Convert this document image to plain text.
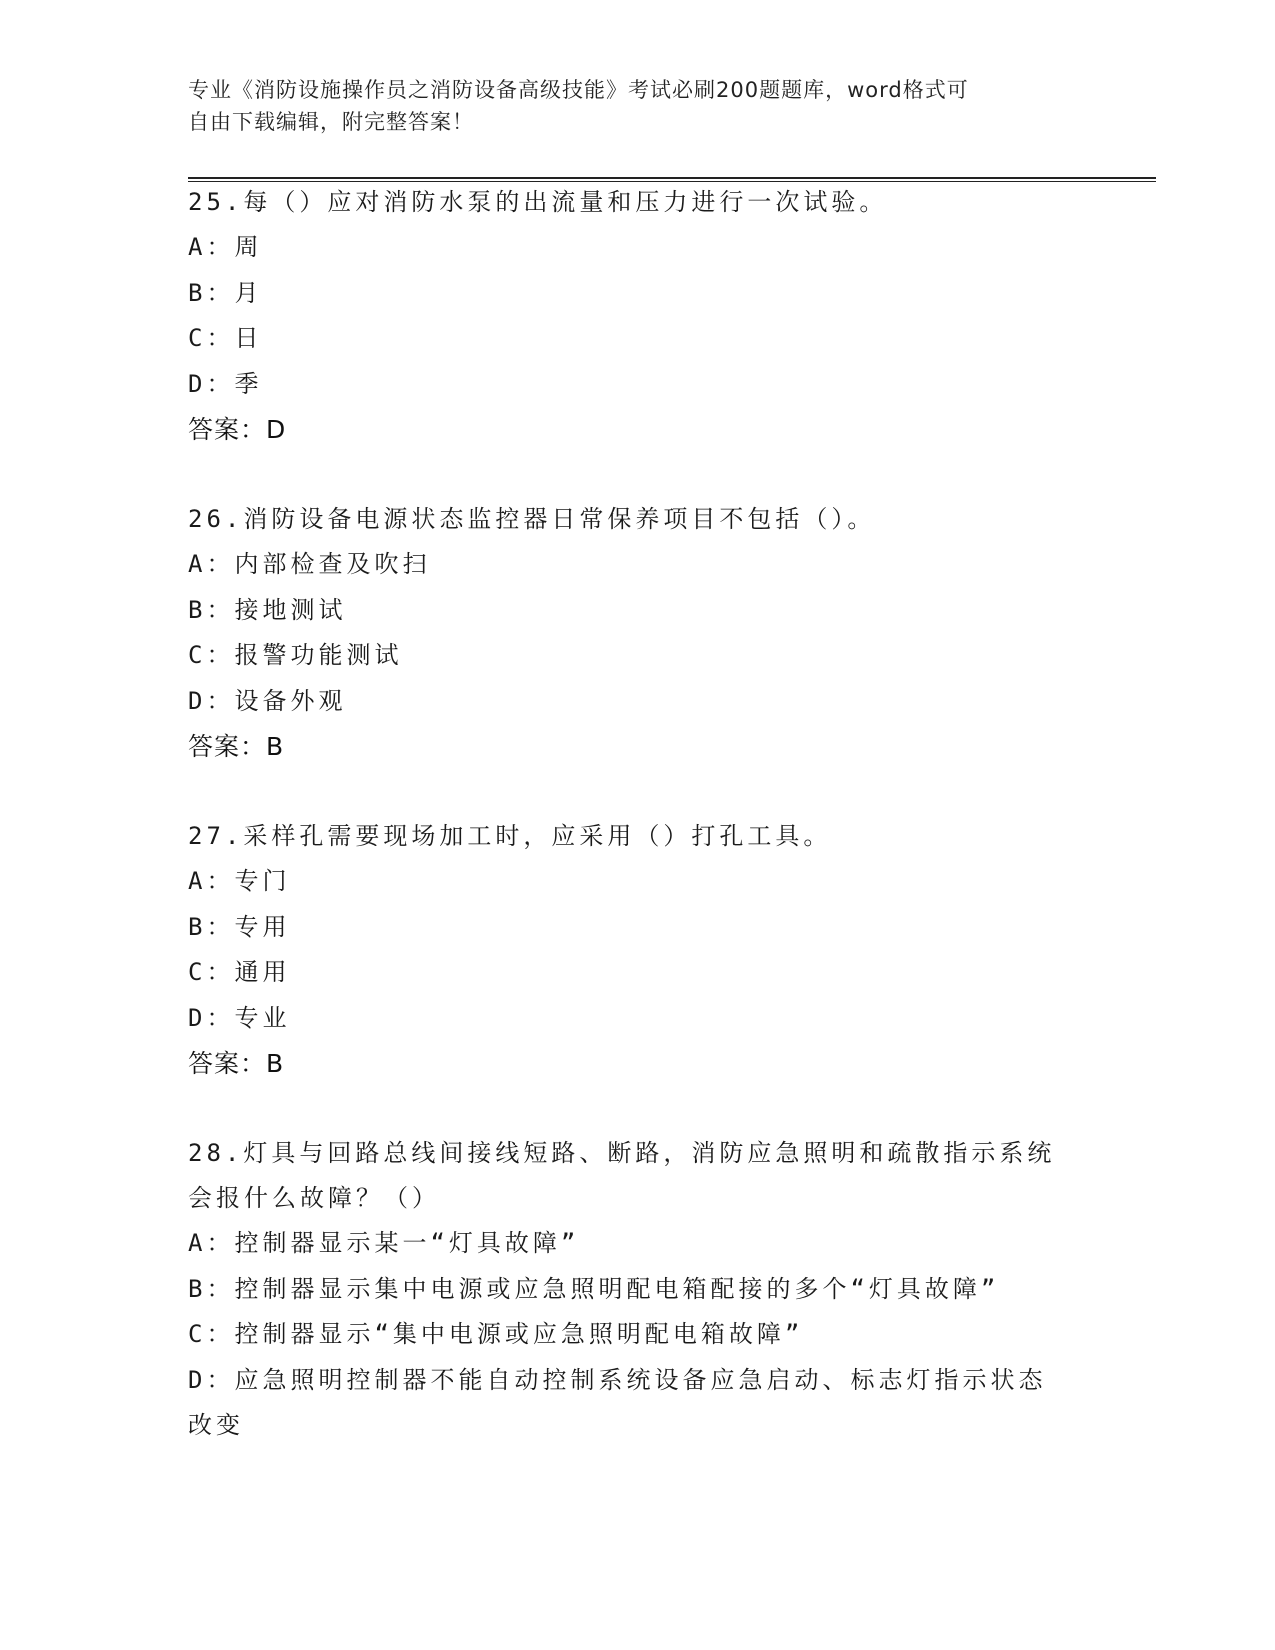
专业《消防设施操作员之消防设备高级技能》考试必刷200题题库，word格式可
自由下载编辑，附完整答案！
25.每（）应对消防水泵的出流量和压力进行一次试验。
A：周
B：月
C：日
D：季
答案：D
26.消防设备电源状态监控器日常保养项目不包括（）。
A：内部检查及吹扫
B：接地测试
C：报警功能测试
D：设备外观
答案：B
27.采样孔需要现场加工时，应采用（）打孔工具。
A：专门
B：专用
C：通用
D：专业
答案：B
28.灯具与回路总线间接线短路、断路，消防应急照明和疏散指示系统
会报什么故障？（）
A：控制器显示某一“灯具故障”
B：控制器显示集中电源或应急照明配电箱配接的多个“灯具故障”
C：控制器显示“集中电源或应急照明配电箱故障”
D：应急照明控制器不能自动控制系统设备应急启动、标志灯指示状态
改变
